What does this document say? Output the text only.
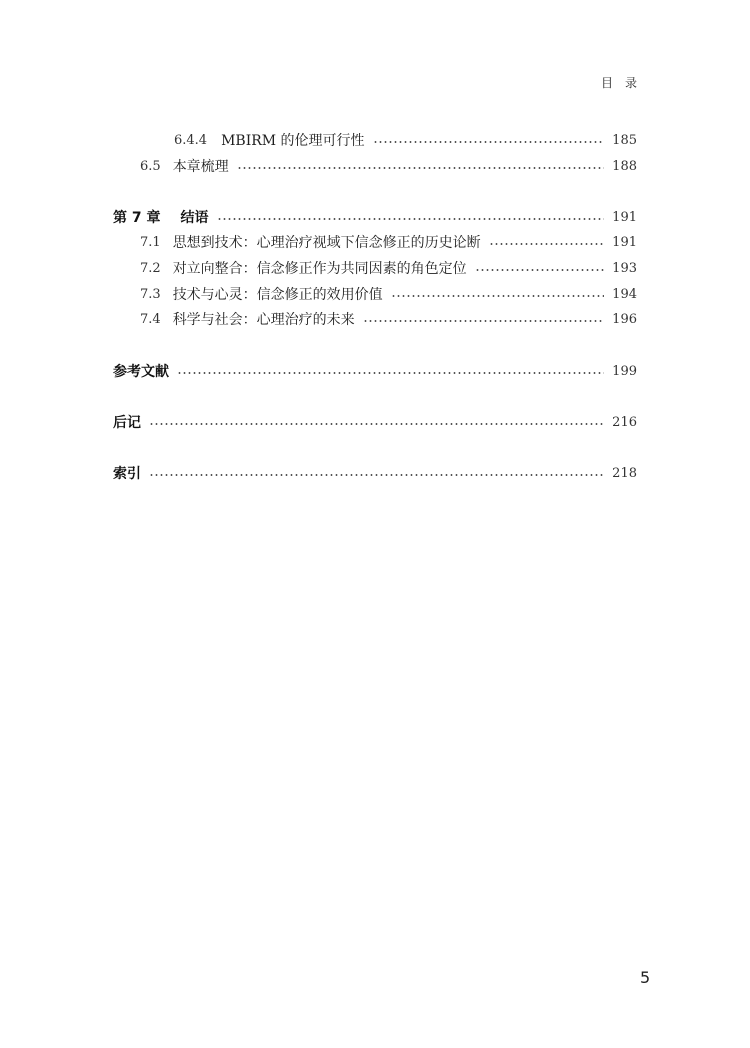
目录
6.4.4 MBIRM 的伦理可行性	185
6.5 本章梳理	188
第 7 章 结语	191
7.1 思想到技术：心理治疗视域下信念修正的历史论断	191
7.2 对立向整合：信念修正作为共同因素的角色定位	193
7.3 技术与心灵：信念修正的效用价值	194
7.4 科学与社会：心理治疗的未来	196
参考文献	199
后记	216
索引	218
5
